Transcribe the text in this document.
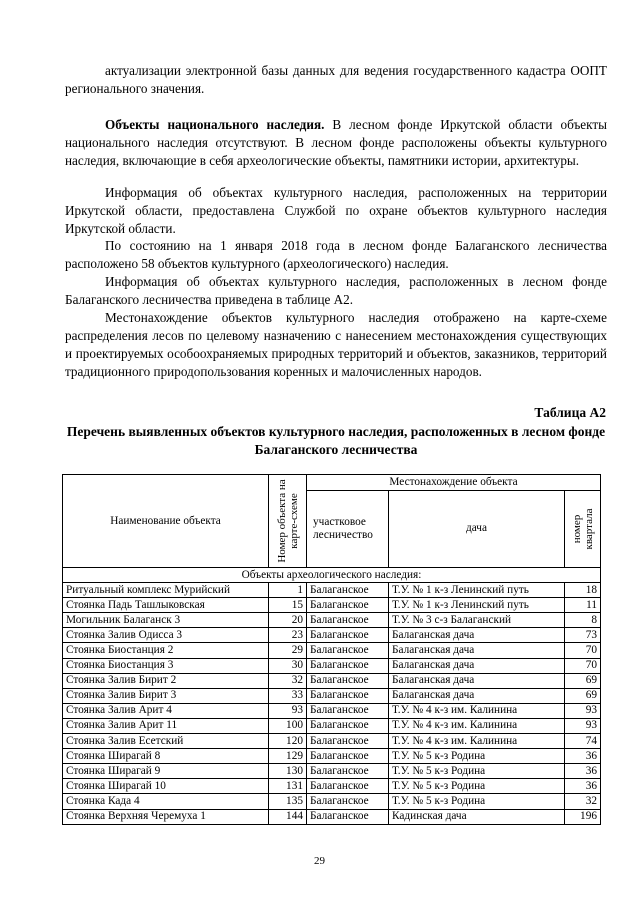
актуализации электронной базы данных для ведения государственного кадастра ООПТ регионального значения.

Объекты национального наследия. В лесном фонде Иркутской области объекты национального наследия отсутствуют. В лесном фонде расположены объекты культурного наследия, включающие в себя археологические объекты, памятники истории, архитектуры.

Информация об объектах культурного наследия, расположенных на территории Иркутской области, предоставлена Службой по охране объектов культурного наследия Иркутской области.

По состоянию на 1 января 2018 года в лесном фонде Балаганского лесничества расположено 58 объектов культурного (археологического) наследия.

Информация об объектах культурного наследия, расположенных в лесном фонде Балаганского лесничества приведена в таблице А2.

Местонахождение объектов культурного наследия отображено на карте-схеме распределения лесов по целевому назначению с нанесением местонахождения существующих и проектируемых особоохраняемых природных территорий и объектов, заказников, территорий традиционного природопользования коренных и малочисленных народов.

Таблица А2
Перечень выявленных объектов культурного наследия, расположенных в лесном фонде Балаганского лесничества
Наименование объекта	Номер объекта на карте-схеме	Местонахождение объекта		
		участковое лесничество	дача	номер квартала

Объекты археологического наследия:				
Ритуальный комплекс Мурийский	1	Балаганское	Т.У. № 1 к-з Ленинский путь	18
Стоянка Падь Ташлыковская	15	Балаганское	Т.У. № 1 к-з Ленинский путь	11
Могильник Балаганск 3	20	Балаганское	Т.У. № 3 с-з Балаганский	8
Стоянка Залив Одисса 3	23	Балаганское	Балаганская дача	73
Стоянка Биостанция 2	29	Балаганское	Балаганская дача	70
Стоянка Биостанция 3	30	Балаганское	Балаганская дача	70
Стоянка Залив Бирит 2	32	Балаганское	Балаганская дача	69
Стоянка Залив Бирит 3	33	Балаганское	Балаганская дача	69
Стоянка Залив Арит 4	93	Балаганское	Т.У. № 4 к-з им. Калинина	93
Стоянка Залив Арит 11	100	Балаганское	Т.У. № 4 к-з им. Калинина	93
Стоянка Залив Есетский	120	Балаганское	Т.У. № 4 к-з им. Калинина	74
Стоянка Ширагай 8	129	Балаганское	Т.У. № 5 к-з Родина	36
Стоянка Ширагай 9	130	Балаганское	Т.У. № 5 к-з Родина	36
Стоянка Ширагай 10	131	Балаганское	Т.У. № 5 к-з Родина	36
Стоянка Када 4	135	Балаганское	Т.У. № 5 к-з Родина	32
Стоянка Верхняя Черемуха 1	144	Балаганское	Кадинская дача	196
29
